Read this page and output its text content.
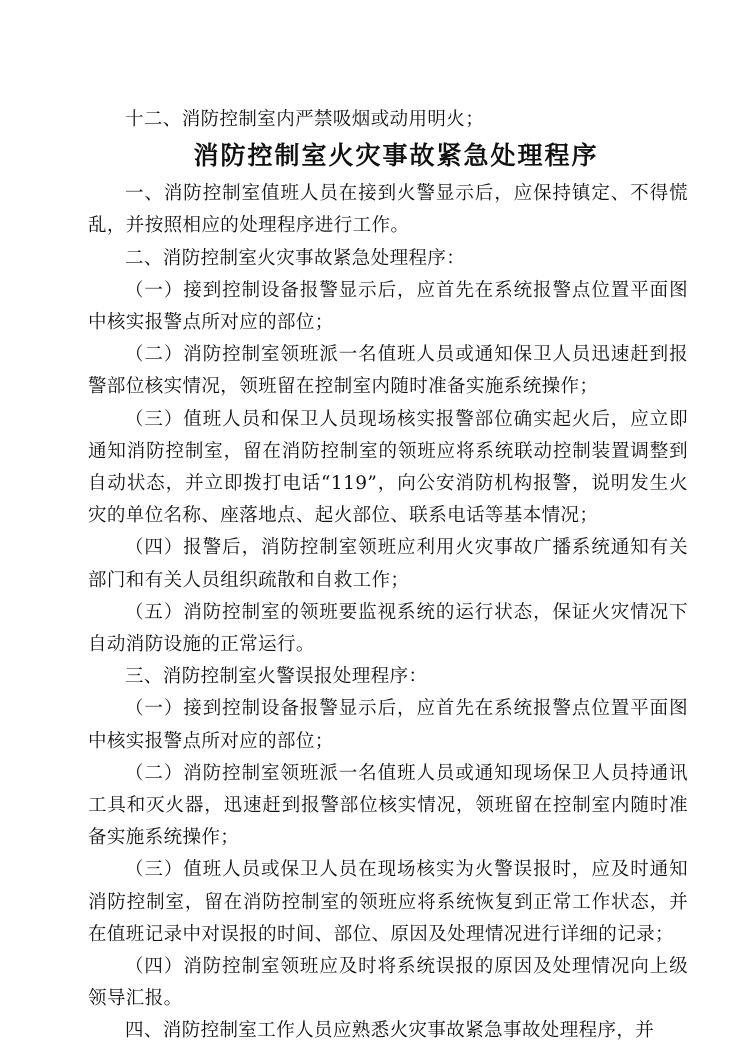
十二、消防控制室内严禁吸烟或动用明火；

消防控制室火灾事故紧急处理程序

一、消防控制室值班人员在接到火警显示后，应保持镇定、不得慌乱，并按照相应的处理程序进行工作。

二、消防控制室火灾事故紧急处理程序：

（一）接到控制设备报警显示后，应首先在系统报警点位置平面图中核实报警点所对应的部位；

（二）消防控制室领班派一名值班人员或通知保卫人员迅速赶到报警部位核实情况，领班留在控制室内随时准备实施系统操作；

（三）值班人员和保卫人员现场核实报警部位确实起火后，应立即通知消防控制室，留在消防控制室的领班应将系统联动控制装置调整到自动状态，并立即拨打电话“119”，向公安消防机构报警，说明发生火灾的单位名称、座落地点、起火部位、联系电话等基本情况；

（四）报警后，消防控制室领班应利用火灾事故广播系统通知有关部门和有关人员组织疏散和自救工作；

（五）消防控制室的领班要监视系统的运行状态，保证火灾情况下自动消防设施的正常运行。

三、消防控制室火警误报处理程序：

（一）接到控制设备报警显示后，应首先在系统报警点位置平面图中核实报警点所对应的部位；

（二）消防控制室领班派一名值班人员或通知现场保卫人员持通讯工具和灭火器，迅速赶到报警部位核实情况，领班留在控制室内随时准备实施系统操作；

（三）值班人员或保卫人员在现场核实为火警误报时，应及时通知消防控制室，留在消防控制室的领班应将系统恢复到正常工作状态，并在值班记录中对误报的时间、部位、原因及处理情况进行详细的记录；

（四）消防控制室领班应及时将系统误报的原因及处理情况向上级领导汇报。

四、消防控制室工作人员应熟悉火灾事故紧急事故处理程序，并
